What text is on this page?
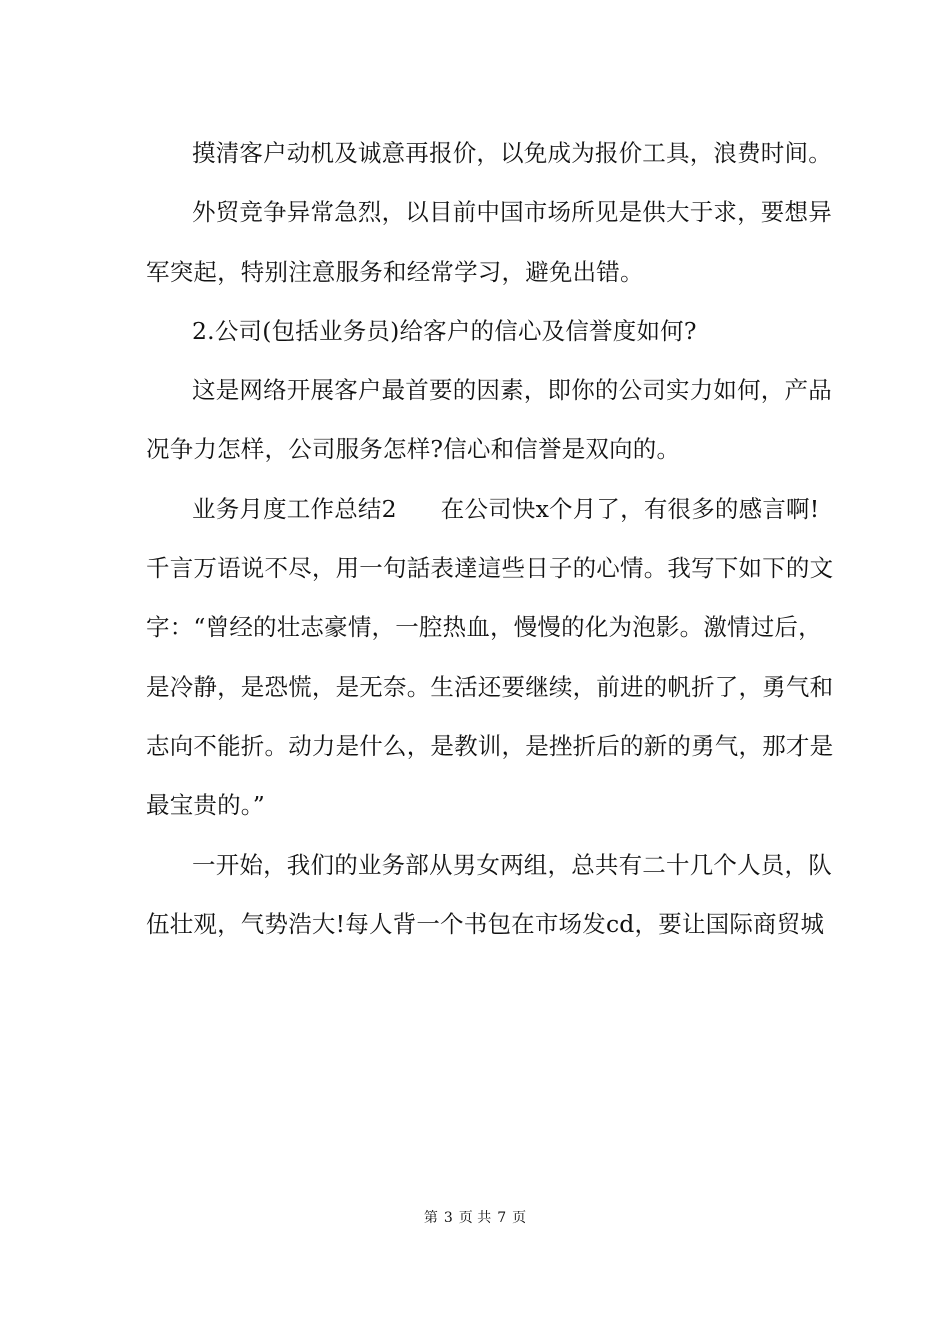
摸清客户动机及诚意再报价，以免成为报价工具，浪费时间。
外贸竞争异常急烈，以目前中国市场所见是供大于求，要想异
军突起，特别注意服务和经常学习，避免出错。
2.公司(包括业务员)给客户的信心及信誉度如何?
这是网络开展客户最首要的因素，即你的公司实力如何，产品
况争力怎样，公司服务怎样?信心和信誉是双向的。
业务月度工作总结2 在公司快x个月了，有很多的感言啊!
千言万语说不尽，用一句話表達這些日子的心情。我写下如下的文
字：“曾经的壮志豪情，一腔热血，慢慢的化为泡影。激情过后，
是冷静，是恐慌，是无奈。生活还要继续，前进的帆折了，勇气和
志向不能折。动力是什么，是教训，是挫折后的新的勇气，那才是
最宝贵的。”
一开始，我们的业务部从男女两组，总共有二十几个人员，队
伍壮观，气势浩大!每人背一个书包在市场发cd，要让国际商贸城
第 3 页 共 7 页
